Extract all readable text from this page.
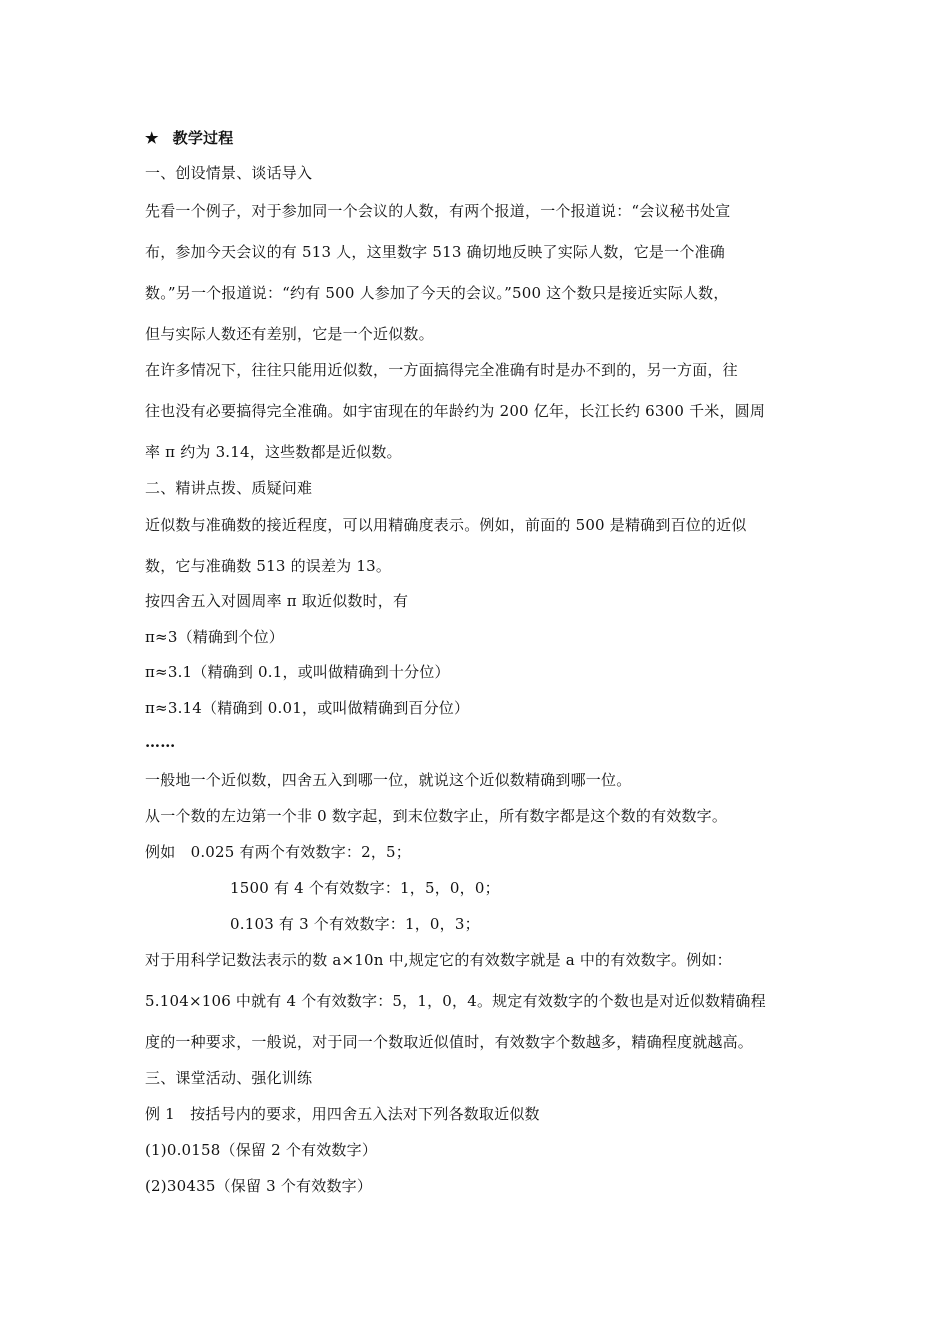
★ 教学过程
一、创设情景、谈话导入
先看一个例子，对于参加同一个会议的人数，有两个报道，一个报道说：“会议秘书处宣
布，参加今天会议的有 513 人，这里数字 513 确切地反映了实际人数，它是一个准确
数。”另一个报道说：“约有 500 人参加了今天的会议。”500 这个数只是接近实际人数，
但与实际人数还有差别，它是一个近似数。
在许多情况下，往往只能用近似数，一方面搞得完全准确有时是办不到的，另一方面，往
往也没有必要搞得完全准确。如宇宙现在的年龄约为 200 亿年，长江长约 6300 千米，圆周
率 π 约为 3.14，这些数都是近似数。
二、精讲点拨、质疑问难
近似数与准确数的接近程度，可以用精确度表示。例如，前面的 500 是精确到百位的近似
数，它与准确数 513 的误差为 13。
按四舍五入对圆周率 π 取近似数时，有
π≈3（精确到个位）
π≈3.1（精确到 0.1，或叫做精确到十分位）
π≈3.14（精确到 0.01，或叫做精确到百分位）
……
一般地一个近似数，四舍五入到哪一位，就说这个近似数精确到哪一位。
从一个数的左边第一个非 0 数字起，到末位数字止，所有数字都是这个数的有效数字。
例如　0.025 有两个有效数字：2，5；
1500 有 4 个有效数字：1，5，0，0；
0.103 有 3 个有效数字：1，0，3；
对于用科学记数法表示的数 a×10n 中,规定它的有效数字就是 a 中的有效数字。例如：
5.104×106 中就有 4 个有效数字：5，1，0，4。规定有效数字的个数也是对近似数精确程
度的一种要求，一般说，对于同一个数取近似值时，有效数字个数越多，精确程度就越高。
三、课堂活动、强化训练
例 1　按括号内的要求，用四舍五入法对下列各数取近似数
(1)0.0158（保留 2 个有效数字）
(2)30435（保留 3 个有效数字）
